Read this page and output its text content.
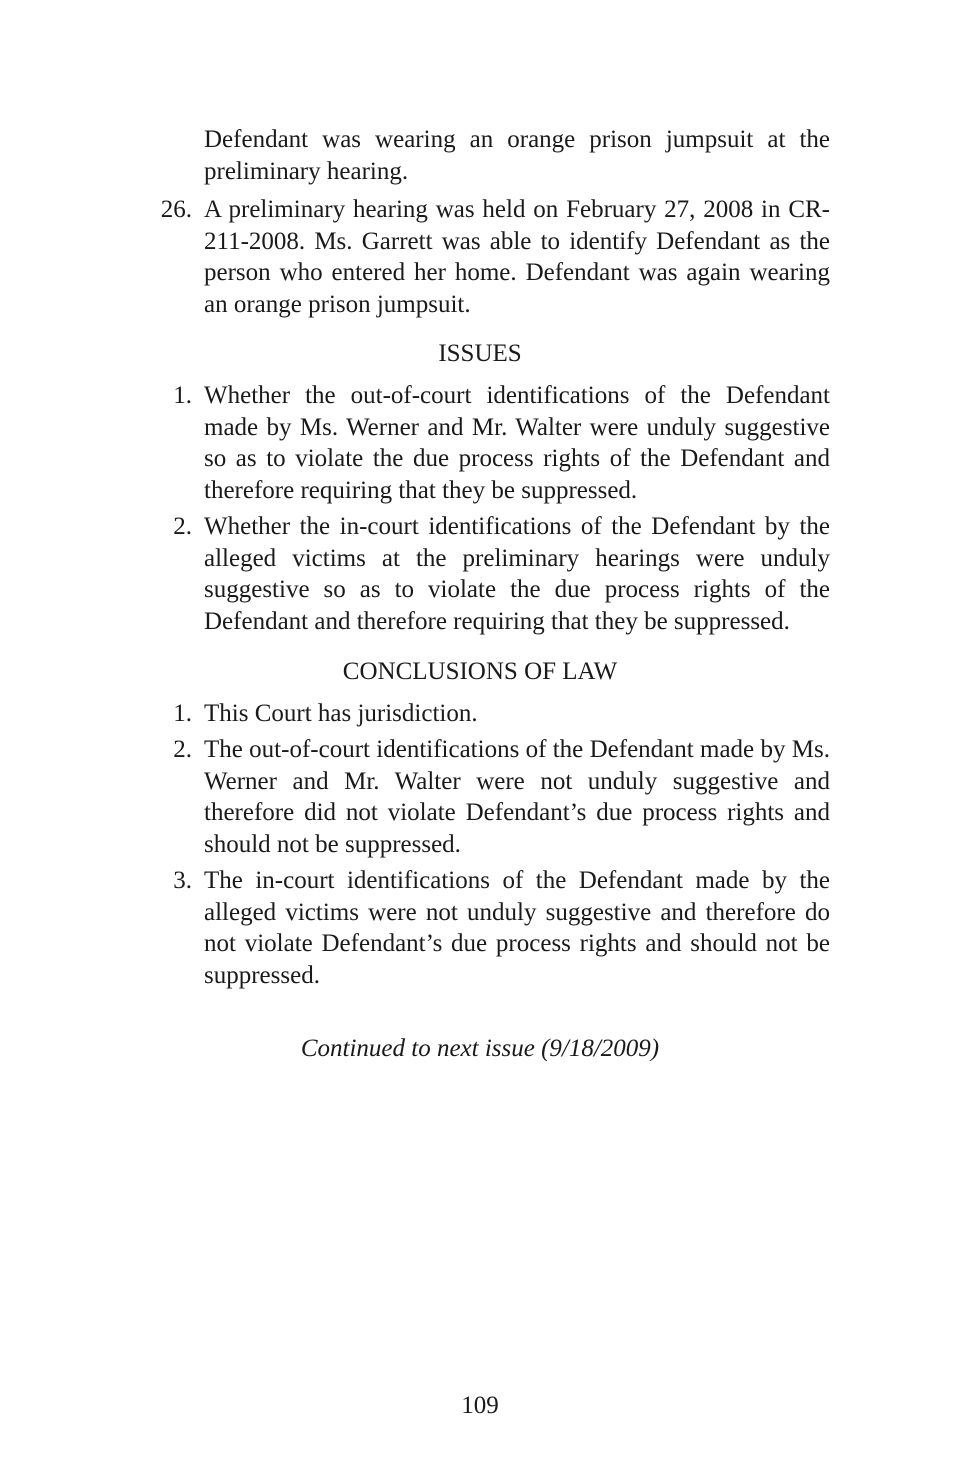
Defendant was wearing an orange prison jumpsuit at the preliminary hearing.
26. A preliminary hearing was held on February 27, 2008 in CR-211-2008. Ms. Garrett was able to identify Defendant as the person who entered her home. Defendant was again wearing an orange prison jumpsuit.
ISSUES
1. Whether the out-of-court identifications of the Defendant made by Ms. Werner and Mr. Walter were unduly suggestive so as to violate the due process rights of the Defendant and therefore requiring that they be suppressed.
2. Whether the in-court identifications of the Defendant by the alleged victims at the preliminary hearings were unduly suggestive so as to violate the due process rights of the Defendant and therefore requiring that they be suppressed.
CONCLUSIONS OF LAW
1. This Court has jurisdiction.
2. The out-of-court identifications of the Defendant made by Ms. Werner and Mr. Walter were not unduly suggestive and therefore did not violate Defendant’s due process rights and should not be suppressed.
3. The in-court identifications of the Defendant made by the alleged victims were not unduly suggestive and therefore do not violate Defendant’s due process rights and should not be suppressed.
Continued to next issue (9/18/2009)
109
